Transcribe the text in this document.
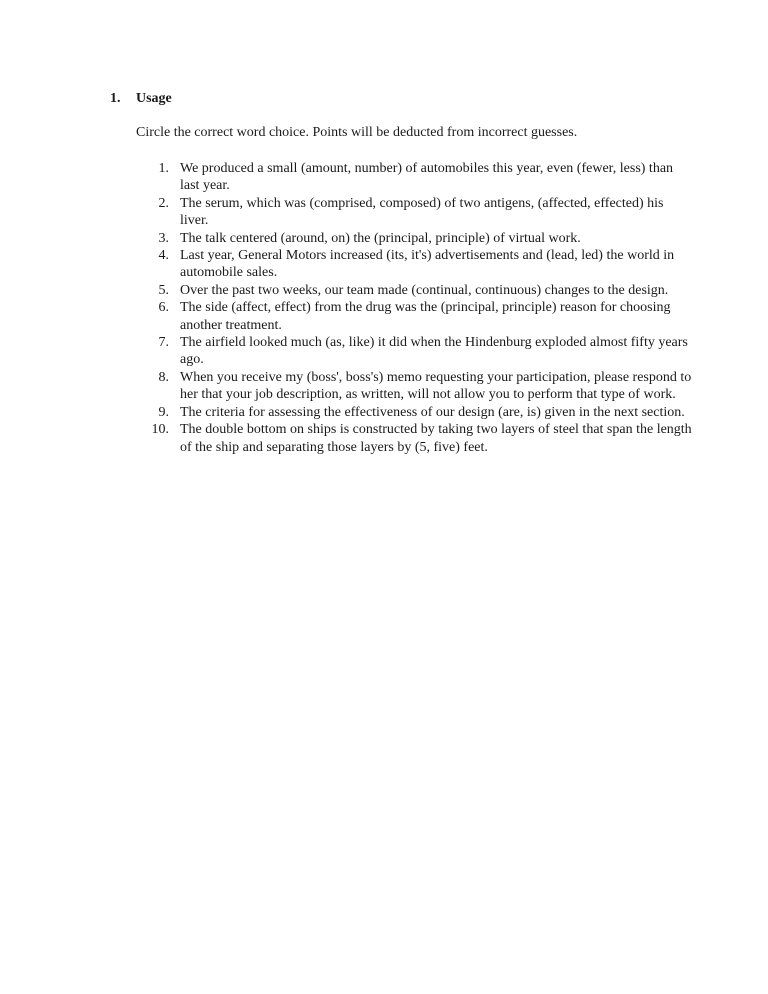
1. Usage
Circle the correct word choice. Points will be deducted from incorrect guesses.
1. We produced a small (amount, number) of automobiles this year, even (fewer, less) than last year.
2. The serum, which was (comprised, composed) of two antigens, (affected, effected) his liver.
3. The talk centered (around, on) the (principal, principle) of virtual work.
4. Last year, General Motors increased (its, it's) advertisements and (lead, led) the world in automobile sales.
5. Over the past two weeks, our team made (continual, continuous) changes to the design.
6. The side (affect, effect) from the drug was the (principal, principle) reason for choosing another treatment.
7. The airfield looked much (as, like) it did when the Hindenburg exploded almost fifty years ago.
8. When you receive my (boss', boss's) memo requesting your participation, please respond to her that your job description, as written, will not allow you to perform that type of work.
9. The criteria for assessing the effectiveness of our design (are, is) given in the next section.
10. The double bottom on ships is constructed by taking two layers of steel that span the length of the ship and separating those layers by (5, five) feet.
